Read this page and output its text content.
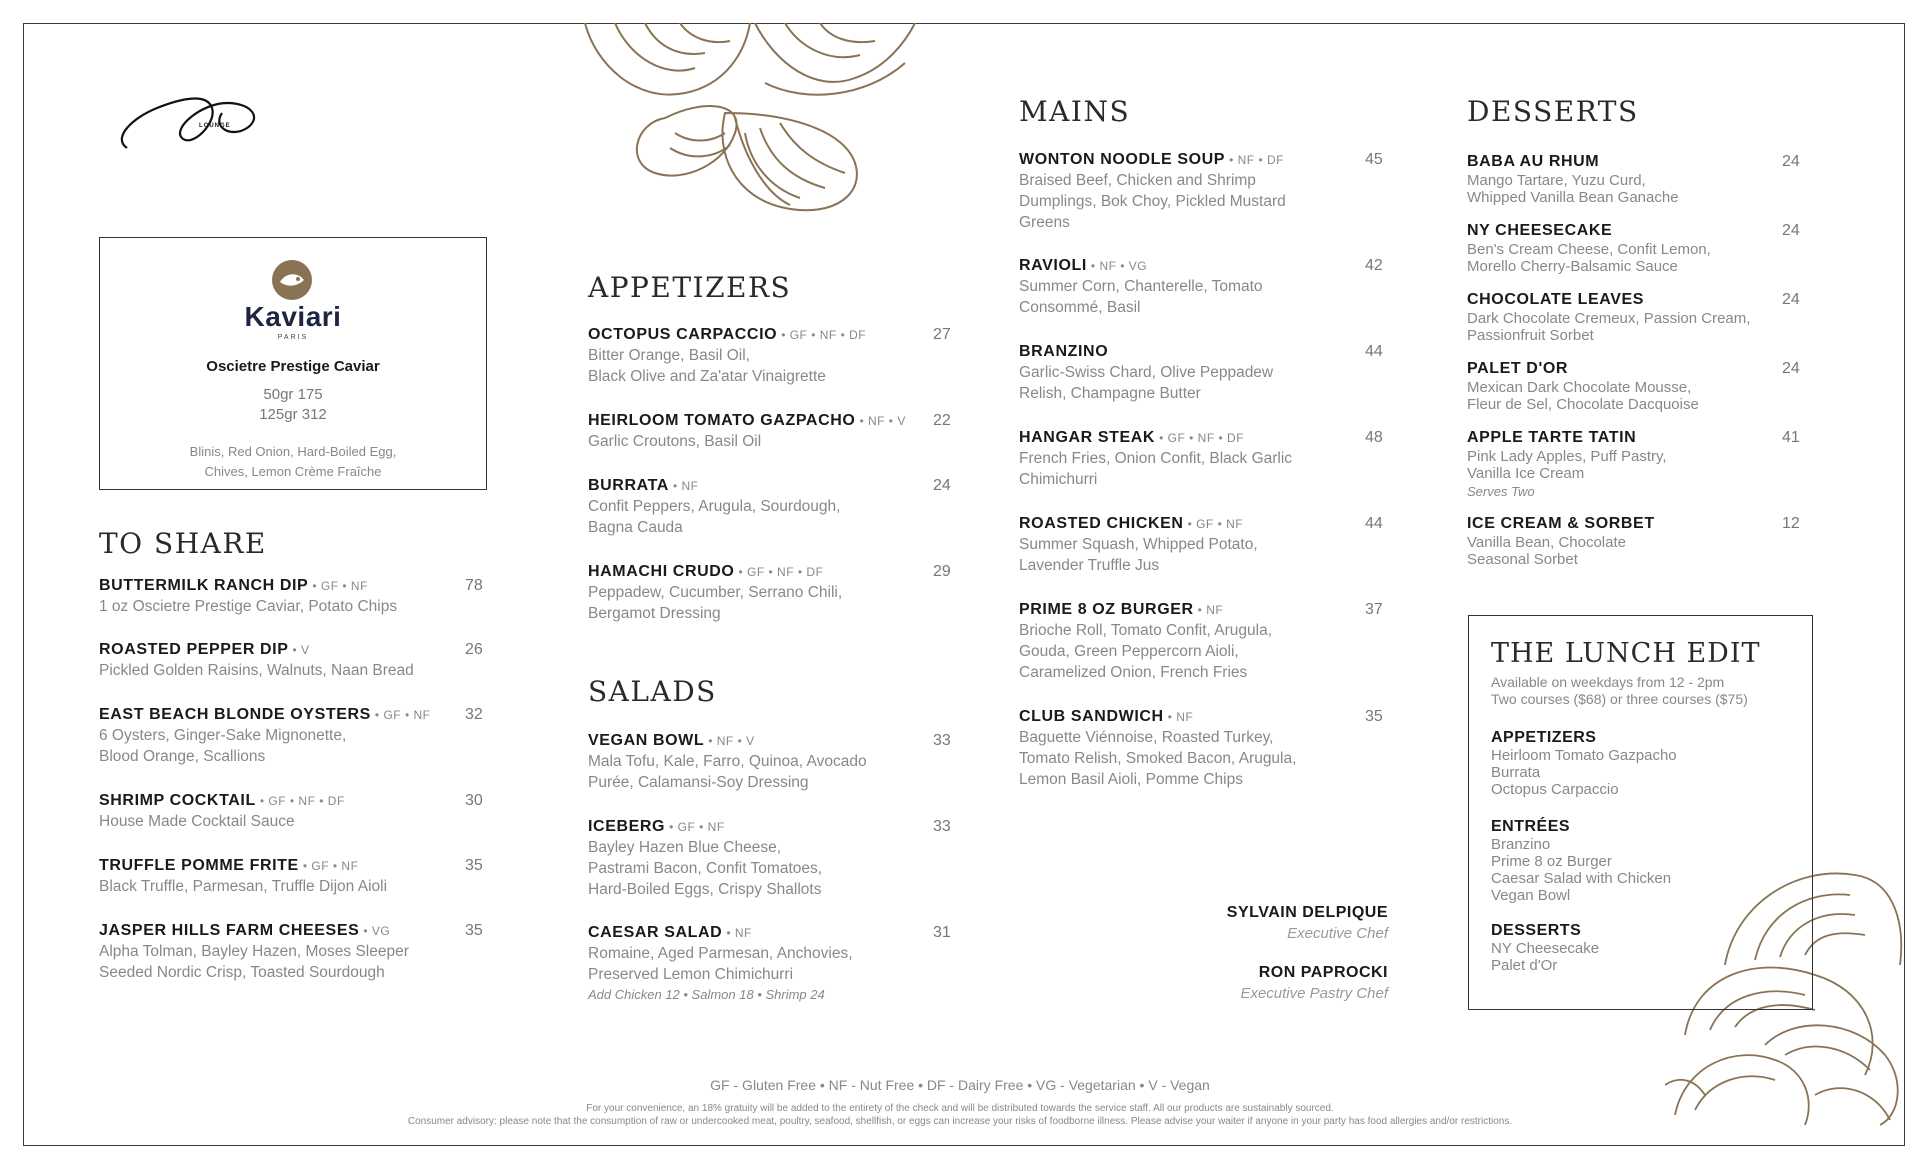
LOUNGE
Kaviari
PARIS
Oscietre Prestige Caviar
50gr 175
125gr 312
Blinis, Red Onion, Hard-Boiled Egg,
Chives, Lemon Crème Fraîche
TO SHARE
BUTTERMILK RANCH DIP • GF • NF	78
1 oz Oscietre Prestige Caviar, Potato Chips
ROASTED PEPPER DIP • V	26
Pickled Golden Raisins, Walnuts, Naan Bread
EAST BEACH BLONDE OYSTERS • GF • NF 32
6 Oysters, Ginger-Sake Mignonette,
Blood Orange, Scallions
SHRIMP COCKTAIL • GF • NF • DF	30
House Made Cocktail Sauce
TRUFFLE POMME FRITE • GF • NF	35
Black Truffle, Parmesan, Truffle Dijon Aioli
JASPER HILLS FARM CHEESES • VG	35
Alpha Tolman, Bayley Hazen, Moses Sleeper
Seeded Nordic Crisp, Toasted Sourdough
APPETIZERS
OCTOPUS CARPACCIO • GF • NF • DF	27
Bitter Orange, Basil Oil,
Black Olive and Za'atar Vinaigrette
HEIRLOOM TOMATO GAZPACHO • NF • V 22
Garlic Croutons, Basil Oil
BURRATA • NF	24
Confit Peppers, Arugula, Sourdough,
Bagna Cauda
HAMACHI CRUDO • GF • NF • DF	29
Peppadew, Cucumber, Serrano Chili,
Bergamot Dressing
SALADS
VEGAN BOWL • NF • V	33
Mala Tofu, Kale, Farro, Quinoa, Avocado
Purée, Calamansi-Soy Dressing
ICEBERG • GF • NF	33
Bayley Hazen Blue Cheese,
Pastrami Bacon, Confit Tomatoes,
Hard-Boiled Eggs, Crispy Shallots
CAESAR SALAD • NF	31
Romaine, Aged Parmesan, Anchovies,
Preserved Lemon Chimichurri
Add Chicken 12 • Salmon 18 • Shrimp 24
MAINS
WONTON NOODLE SOUP • NF • DF	45
Braised Beef, Chicken and Shrimp
Dumplings, Bok Choy, Pickled Mustard
Greens
RAVIOLI • NF • VG	42
Summer Corn, Chanterelle, Tomato
Consommé, Basil
BRANZINO	44
Garlic-Swiss Chard, Olive Peppadew
Relish, Champagne Butter
HANGAR STEAK • GF • NF • DF	48
French Fries, Onion Confit, Black Garlic
Chimichurri
ROASTED CHICKEN • GF • NF	44
Summer Squash, Whipped Potato,
Lavender Truffle Jus
PRIME 8 OZ BURGER • NF	37
Brioche Roll, Tomato Confit, Arugula,
Gouda, Green Peppercorn Aioli,
Caramelized Onion, French Fries
CLUB SANDWICH • NF	35
Baguette Viénnoise, Roasted Turkey,
Tomato Relish, Smoked Bacon, Arugula,
Lemon Basil Aioli, Pomme Chips
SYLVAIN DELPIQUE
Executive Chef
RON PAPROCKI
Executive Pastry Chef
DESSERTS
BABA AU RHUM	24
Mango Tartare, Yuzu Curd,
Whipped Vanilla Bean Ganache
NY CHEESECAKE	24
Ben's Cream Cheese, Confit Lemon,
Morello Cherry-Balsamic Sauce
CHOCOLATE LEAVES	24
Dark Chocolate Cremeux, Passion Cream,
Passionfruit Sorbet
PALET D'OR	24
Mexican Dark Chocolate Mousse,
Fleur de Sel, Chocolate Dacquoise
APPLE TARTE TATIN	41
Pink Lady Apples, Puff Pastry,
Vanilla Ice Cream
Serves Two
ICE CREAM & SORBET	12
Vanilla Bean, Chocolate
Seasonal Sorbet
THE LUNCH EDIT
Available on weekdays from 12 - 2pm
Two courses ($68) or three courses ($75)
APPETIZERS
Heirloom Tomato Gazpacho
Burrata
Octopus Carpaccio
ENTRÉES
Branzino
Prime 8 oz Burger
Caesar Salad with Chicken
Vegan Bowl
DESSERTS
NY Cheesecake
Palet d'Or
GF - Gluten Free • NF - Nut Free • DF - Dairy Free • VG - Vegetarian • V - Vegan
For your convenience, an 18% gratuity will be added to the entirety of the check and will be distributed towards the service staff. All our products are sustainably sourced.
Consumer advisory: please note that the consumption of raw or undercooked meat, poultry, seafood, shellfish, or eggs can increase your risks of foodborne illness. Please advise your waiter if anyone in your party has food allergies and/or restrictions.
